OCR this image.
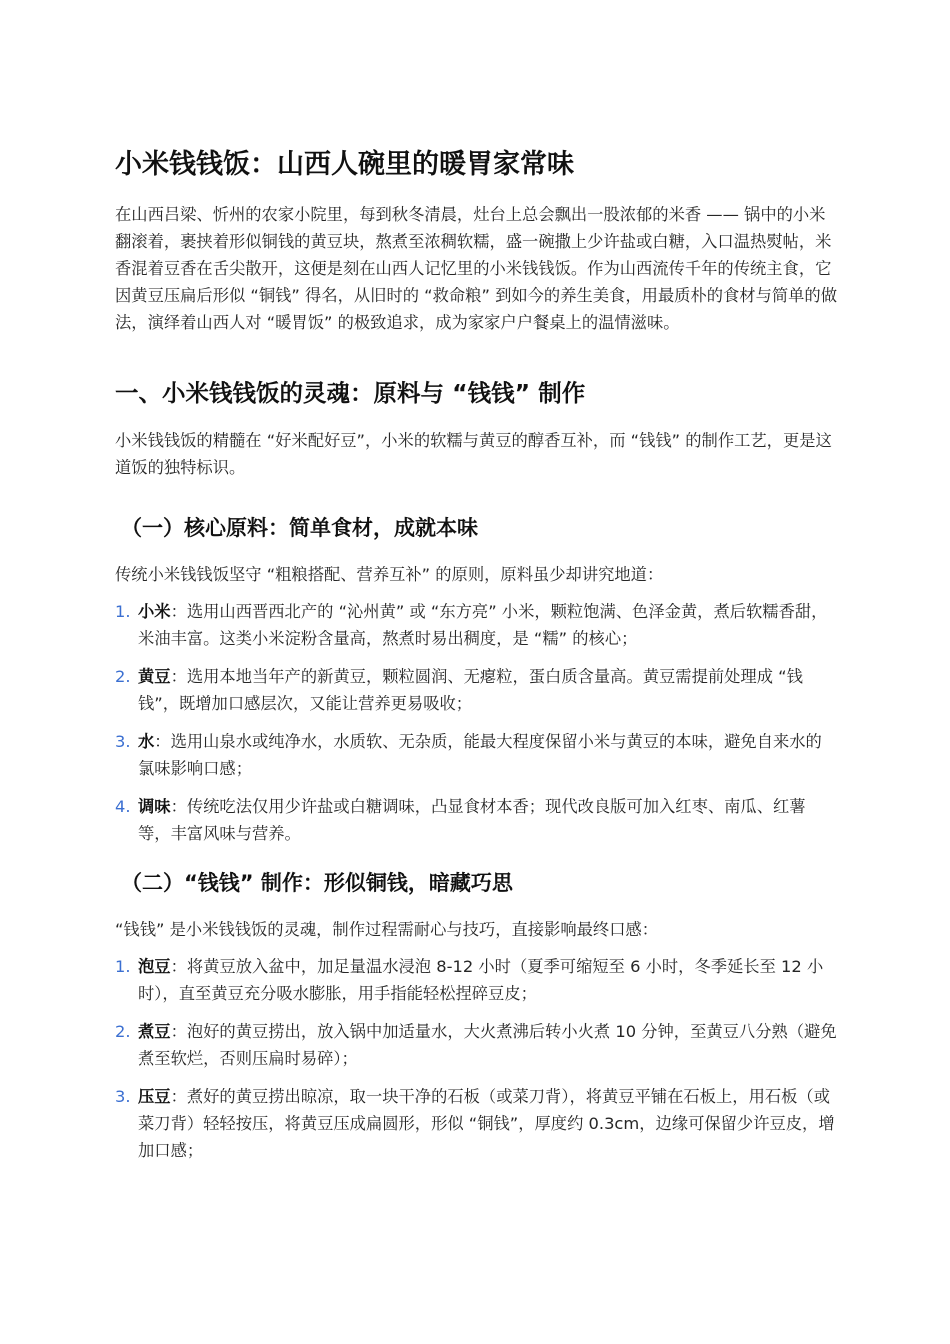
小米钱钱饭：山西人碗里的暖胃家常味

在山西吕梁、忻州的农家小院里，每到秋冬清晨，灶台上总会飘出一股浓郁的米香 —— 锅中的小米翻滚着，裹挟着形似铜钱的黄豆块，熬煮至浓稠软糯，盛一碗撒上少许盐或白糖，入口温热熨帖，米香混着豆香在舌尖散开，这便是刻在山西人记忆里的小米钱钱饭。作为山西流传千年的传统主食，它因黄豆压扁后形似 “铜钱” 得名，从旧时的 “救命粮” 到如今的养生美食，用最质朴的食材与简单的做法，演绎着山西人对 “暖胃饭” 的极致追求，成为家家户户餐桌上的温情滋味。

一、小米钱钱饭的灵魂：原料与 “钱钱” 制作

小米钱钱饭的精髓在 “好米配好豆”，小米的软糯与黄豆的醇香互补，而 “钱钱” 的制作工艺，更是这道饭的独特标识。

（一）核心原料：简单食材，成就本味

传统小米钱钱饭坚守 “粗粮搭配、营养互补” 的原则，原料虽少却讲究地道：

1. 小米：选用山西晋西北产的 “沁州黄” 或 “东方亮” 小米，颗粒饱满、色泽金黄，煮后软糯香甜，米油丰富。这类小米淀粉含量高，熬煮时易出稠度，是 “糯” 的核心；
2. 黄豆：选用本地当年产的新黄豆，颗粒圆润、无瘪粒，蛋白质含量高。黄豆需提前处理成 “钱钱”，既增加口感层次，又能让营养更易吸收；
3. 水：选用山泉水或纯净水，水质软、无杂质，能最大程度保留小米与黄豆的本味，避免自来水的氯味影响口感；
4. 调味：传统吃法仅用少许盐或白糖调味，凸显食材本香；现代改良版可加入红枣、南瓜、红薯等，丰富风味与营养。
（二）“钱钱” 制作：形似铜钱，暗藏巧思

“钱钱” 是小米钱钱饭的灵魂，制作过程需耐心与技巧，直接影响最终口感：

1. 泡豆：将黄豆放入盆中，加足量温水浸泡 8-12 小时（夏季可缩短至 6 小时，冬季延长至 12 小时），直至黄豆充分吸水膨胀，用手指能轻松捏碎豆皮；
2. 煮豆：泡好的黄豆捞出，放入锅中加适量水，大火煮沸后转小火煮 10 分钟，至黄豆八分熟（避免煮至软烂，否则压扁时易碎）；
3. 压豆：煮好的黄豆捞出晾凉，取一块干净的石板（或菜刀背），将黄豆平铺在石板上，用石板（或菜刀背）轻轻按压，将黄豆压成扁圆形，形似 “铜钱”，厚度约 0.3cm，边缘可保留少许豆皮，增加口感；
